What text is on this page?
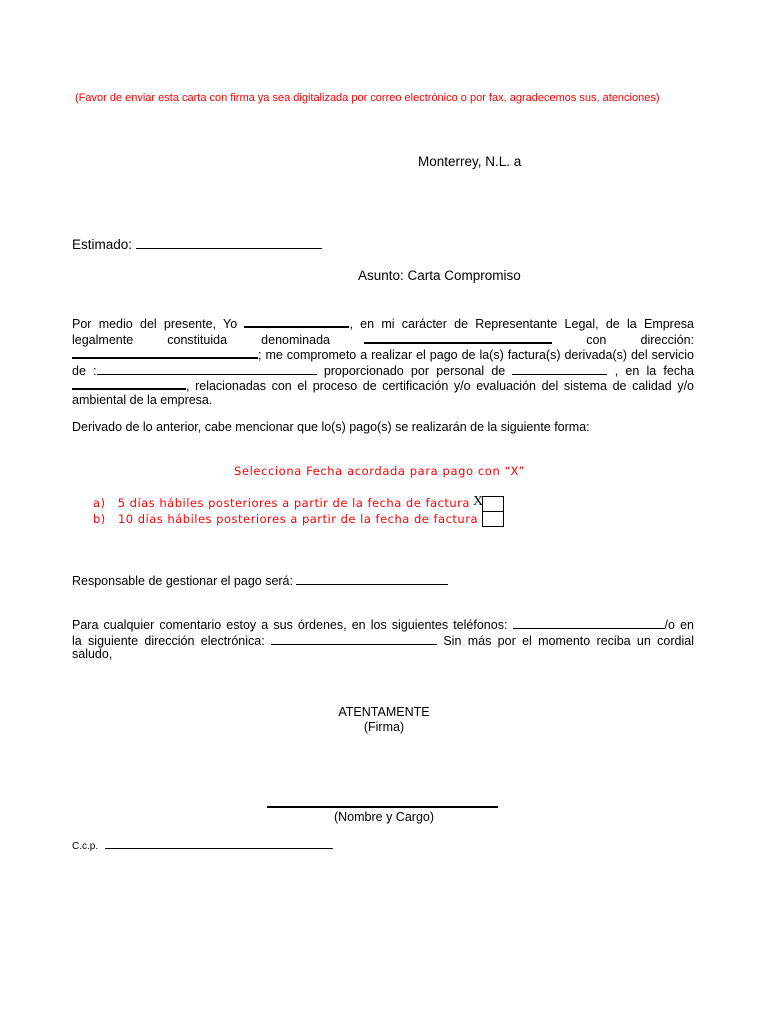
(Favor de enviar esta carta con firma ya sea digitalizada por correo electrónico o por fax, agradecemos sus, atenciones)
Monterrey, N.L. a
Estimado:
Asunto: Carta Compromiso
Por medio del presente, Yo	, en mi carácter de Representante Legal, de la Empresa
legalmente	constituida	denominada	con	dirección:
; me comprometo a realizar el pago de la(s) factura(s) derivada(s) del servicio
de :	proporcionado por personal de	, en la fecha
, relacionadas con el proceso de certificación y/o evaluación del sistema de calidad y/o
ambiental de la empresa.
Derivado de lo anterior, cabe mencionar que lo(s) pago(s) se realizarán de la siguiente forma:
Selecciona Fecha acordada para pago con “X”
a) 5 días hábiles posteriores a partir de la fecha de factura X
b) 10 días hábiles posteriores a partir de la fecha de factura
Responsable de gestionar el pago será:
Para cualquier comentario estoy a sus órdenes, en los siguientes teléfonos:	/o en
la siguiente dirección electrónica:	Sin más por el momento reciba un cordial
saludo,
ATENTAMENTE
(Firma)
(Nombre y Cargo)
C.c.p.
